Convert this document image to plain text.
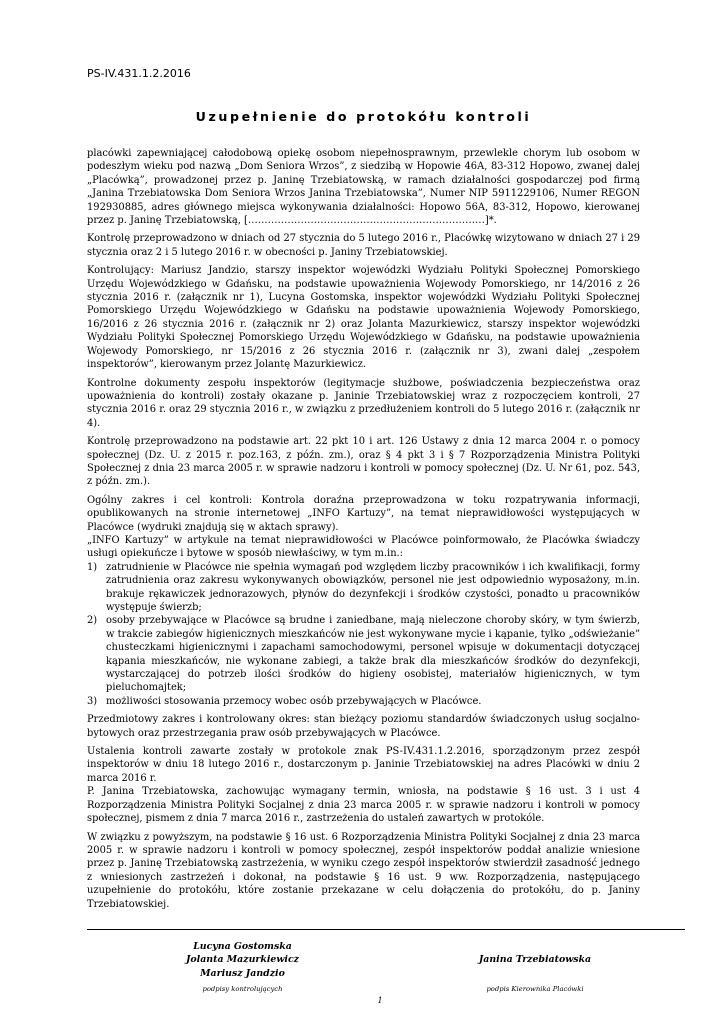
PS-IV.431.1.2.2016
Uzupełnienie do protokółu kontroli

placówki zapewniającej całodobową opiekę osobom niepełnosprawnym, przewlekle chorym lub osobom w podeszłym wieku pod nazwą „Dom Seniora Wrzos”, z siedzibą w Hopowie 46A, 83-312 Hopowo, zwanej dalej „Placówką”, prowadzonej przez p. Janinę Trzebiatowską, w ramach działalności gospodarczej pod firmą „Janina Trzebiatowska Dom Seniora Wrzos Janina Trzebiatowska”, Numer NIP 5911229106, Numer REGON 192930885, adres głównego miejsca wykonywania działalności: Hopowo 56A, 83-312, Hopowo, kierowanej przez p. Janinę Trzebiatowską, [………………………………………………………………]*.

Kontrolę przeprowadzono w dniach od 27 stycznia do 5 lutego 2016 r., Placówkę wizytowano w dniach 27 i 29 stycznia oraz 2 i 5 lutego 2016 r. w obecności p. Janiny Trzebiatowskiej.

Kontrolujący: Mariusz Jandzio, starszy inspektor wojewódzki Wydziału Polityki Społecznej Pomorskiego Urzędu Wojewódzkiego w Gdańsku, na podstawie upoważnienia Wojewody Pomorskiego, nr 14/2016 z 26 stycznia 2016 r. (załącznik nr 1), Lucyna Gostomska, inspektor wojewódzki Wydziału Polityki Społecznej Pomorskiego Urzędu Wojewódzkiego w Gdańsku na podstawie upoważnienia Wojewody Pomorskiego, 16/2016 z 26 stycznia 2016 r. (załącznik nr 2) oraz Jolanta Mazurkiewicz, starszy inspektor wojewódzki Wydziału Polityki Społecznej Pomorskiego Urzędu Wojewódzkiego w Gdańsku, na podstawie upoważnienia Wojewody Pomorskiego, nr 15/2016 z 26 stycznia 2016 r. (załącznik nr 3), zwani dalej „zespołem inspektorów”, kierowanym przez Jolantę Mazurkiewicz.

Kontrolne dokumenty zespołu inspektorów (legitymacje służbowe, poświadczenia bezpieczeństwa oraz upoważnienia do kontroli) zostały okazane p. Janinie Trzebiatowskiej wraz z rozpoczęciem kontroli, 27 stycznia 2016 r. oraz 29 stycznia 2016 r., w związku z przedłużeniem kontroli do 5 lutego 2016 r. (załącznik nr 4).

Kontrolę przeprowadzono na podstawie art. 22 pkt 10 i art. 126 Ustawy z dnia 12 marca 2004 r. o pomocy społecznej (Dz. U. z 2015 r. poz.163, z późn. zm.), oraz § 4 pkt 3 i § 7 Rozporządzenia Ministra Polityki Społecznej z dnia 23 marca 2005 r. w sprawie nadzoru i kontroli w pomocy społecznej (Dz. U. Nr 61, poz. 543, z późn. zm.).

Ogólny zakres i cel kontroli: Kontrola doraźna przeprowadzona w toku rozpatrywania informacji, opublikowanych na stronie internetowej „INFO Kartuzy”, na temat nieprawidłowości występujących w Placówce (wydruki znajdują się w aktach sprawy).

„INFO Kartuzy” w artykule na temat nieprawidłowości w Placówce poinformowało, że Placówka świadczy usługi opiekuńcze i bytowe w sposób niewłaściwy, w tym m.in.:

1) zatrudnienie w Placówce nie spełnia wymagań pod względem liczby pracowników i ich kwalifikacji, formy zatrudnienia oraz zakresu wykonywanych obowiązków, personel nie jest odpowiednio wyposażony, m.in. brakuje rękawiczek jednorazowych, płynów do dezynfekcji i środków czystości, ponadto u pracowników występuje świerzb;
2) osoby przebywające w Placówce są brudne i zaniedbane, mają nieleczone choroby skóry, w tym świerzb, w trakcie zabiegów higienicznych mieszkańców nie jest wykonywane mycie i kąpanie, tylko „odświeżanie” chusteczkami higienicznymi i zapachami samochodowymi, personel wpisuje w dokumentacji dotyczącej kąpania mieszkańców, nie wykonane zabiegi, a także brak dla mieszkańców środków do dezynfekcji, wystarczającej do potrzeb ilości środków do higieny osobistej, materiałów higienicznych, w tym pieluchomajtek;
3) możliwości stosowania przemocy wobec osób przebywających w Placówce.

Przedmiotowy zakres i kontrolowany okres: stan bieżący poziomu standardów świadczonych usług socjalno-bytowych oraz przestrzegania praw osób przebywających w Placówce.

Ustalenia kontroli zawarte zostały w protokole znak PS-IV.431.1.2.2016, sporządzonym przez zespół inspektorów w dniu 18 lutego 2016 r., dostarczonym p. Janinie Trzebiatowskiej na adres Placówki w dniu 2 marca 2016 r.

P. Janina Trzebiatowska, zachowując wymagany termin, wniosła, na podstawie § 16 ust. 3 i ust 4 Rozporządzenia Ministra Polityki Socjalnej z dnia 23 marca 2005 r. w sprawie nadzoru i kontroli w pomocy społecznej, pismem z dnia 7 marca 2016 r., zastrzeżenia do ustaleń zawartych w protokóle.

W związku z powyższym, na podstawie § 16 ust. 6 Rozporządzenia Ministra Polityki Socjalnej z dnia 23 marca 2005 r. w sprawie nadzoru i kontroli w pomocy społecznej, zespół inspektorów poddał analizie wniesione przez p. Janinę Trzebiatowską zastrzeżenia, w wyniku czego zespół inspektorów stwierdził zasadność jednego z wniesionych zastrzeżeń i dokonał, na podstawie § 16 ust. 9 ww. Rozporządzenia, następującego uzupełnienie do protokółu, które zostanie przekazane w celu dołączenia do protokółu, do p. Janiny Trzebiatowskiej.

Lucyna Gostomska
Jolanta Mazurkiewicz
Mariusz Jandzio
Janina Trzebiatowska
podpisy kontrolujących	podpis Kierownika Placówki
1
